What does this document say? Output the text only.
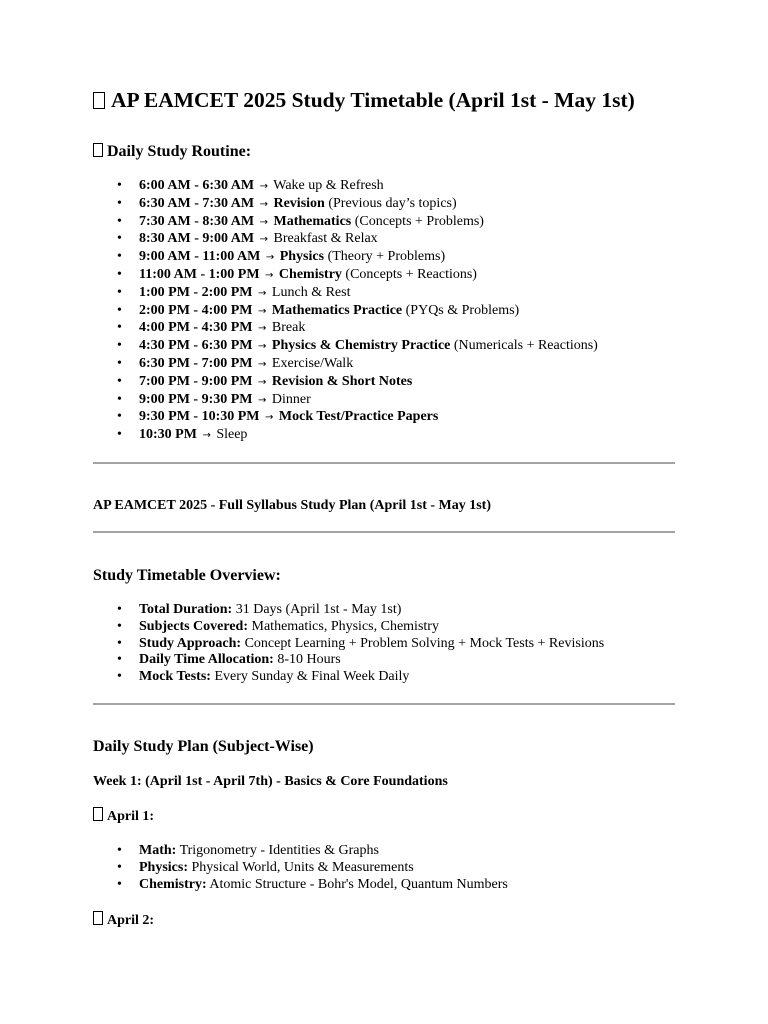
AP EAMCET 2025 Study Timetable (April 1st - May 1st)
Daily Study Routine:
• 6:00 AM - 6:30 AM → Wake up & Refresh
• 6:30 AM - 7:30 AM → Revision (Previous day’s topics)
• 7:30 AM - 8:30 AM → Mathematics (Concepts + Problems)
• 8:30 AM - 9:00 AM → Breakfast & Relax
• 9:00 AM - 11:00 AM → Physics (Theory + Problems)
• 11:00 AM - 1:00 PM → Chemistry (Concepts + Reactions)
• 1:00 PM - 2:00 PM → Lunch & Rest
• 2:00 PM - 4:00 PM → Mathematics Practice (PYQs & Problems)
• 4:00 PM - 4:30 PM → Break
• 4:30 PM - 6:30 PM → Physics & Chemistry Practice (Numericals + Reactions)
• 6:30 PM - 7:00 PM → Exercise/Walk
• 7:00 PM - 9:00 PM → Revision & Short Notes
• 9:00 PM - 9:30 PM → Dinner
• 9:30 PM - 10:30 PM → Mock Test/Practice Papers
• 10:30 PM → Sleep

AP EAMCET 2025 - Full Syllabus Study Plan (April 1st - May 1st)

Study Timetable Overview:
• Total Duration: 31 Days (April 1st - May 1st)
• Subjects Covered: Mathematics, Physics, Chemistry
• Study Approach: Concept Learning + Problem Solving + Mock Tests + Revisions
• Daily Time Allocation: 8-10 Hours
• Mock Tests: Every Sunday & Final Week Daily
Daily Study Plan (Subject-Wise)

Week 1: (April 1st - April 7th) - Basics & Core Foundations

April 1:

• Math: Trigonometry - Identities & Graphs
• Physics: Physical World, Units & Measurements
• Chemistry: Atomic Structure - Bohr's Model, Quantum Numbers

April 2:
